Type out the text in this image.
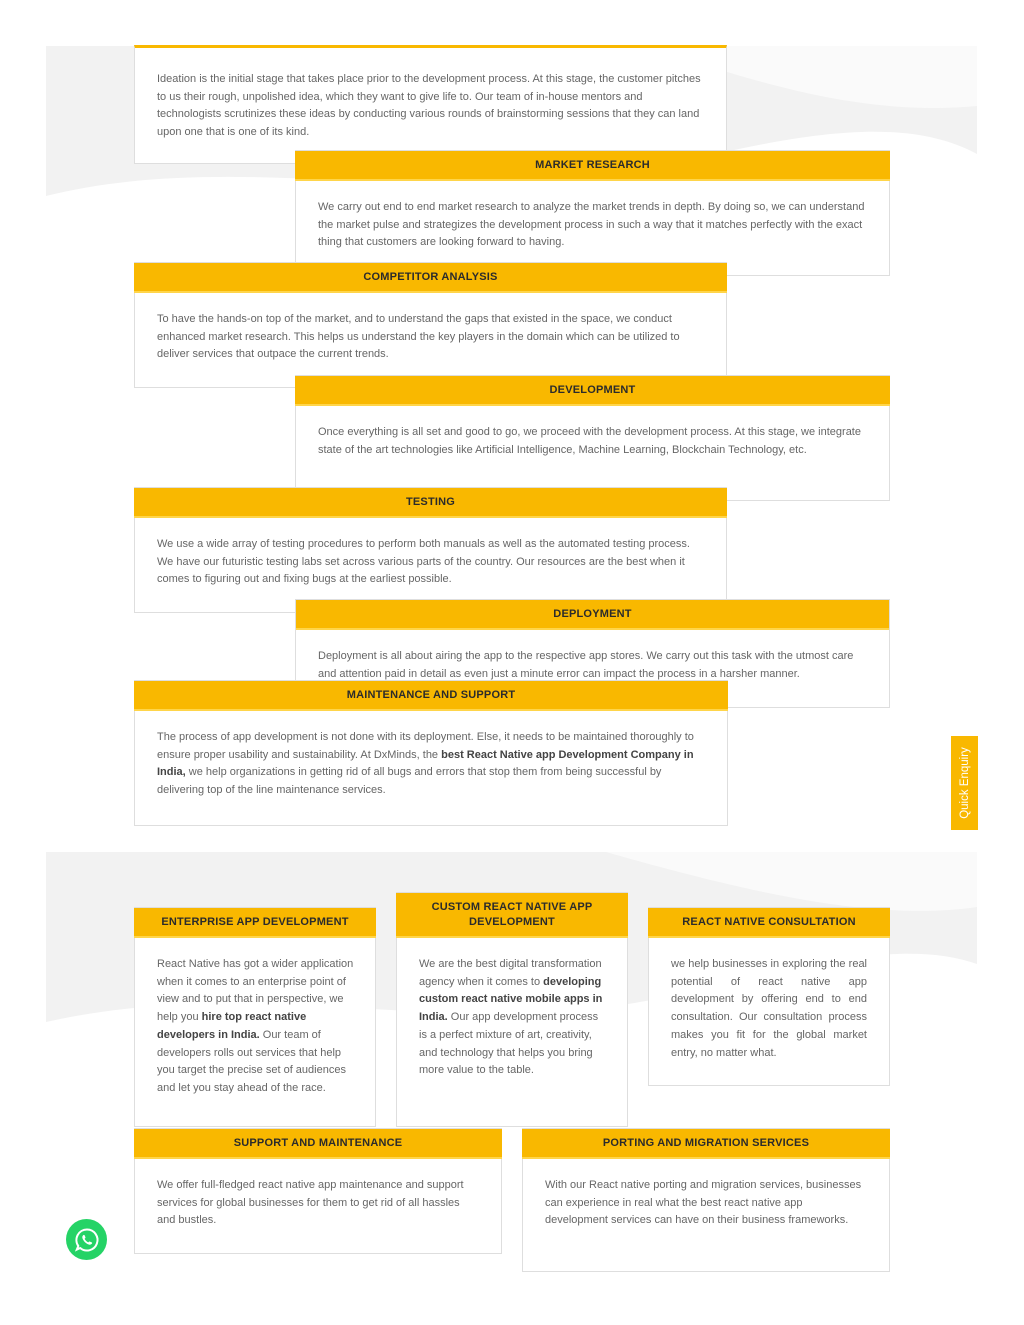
Ideation is the initial stage that takes place prior to the development process. At this stage, the customer pitches to us their rough, unpolished idea, which they want to give life to. Our team of in-house mentors and technologists scrutinizes these ideas by conducting various rounds of brainstorming sessions that they can land upon one that is one of its kind.

MARKET RESEARCH

We carry out end to end market research to analyze the market trends in depth. By doing so, we can understand the market pulse and strategizes the development process in such a way that it matches perfectly with the exact thing that customers are looking forward to having.

COMPETITOR ANALYSIS

To have the hands-on top of the market, and to understand the gaps that existed in the space, we conduct enhanced market research. This helps us understand the key players in the domain which can be utilized to deliver services that outpace the current trends.

DEVELOPMENT

Once everything is all set and good to go, we proceed with the development process. At this stage, we integrate state of the art technologies like Artificial Intelligence, Machine Learning, Blockchain Technology, etc.

TESTING

We use a wide array of testing procedures to perform both manuals as well as the automated testing process. We have our futuristic testing labs set across various parts of the country. Our resources are the best when it comes to figuring out and fixing bugs at the earliest possible.

DEPLOYMENT

Deployment is all about airing the app to the respective app stores. We carry out this task with the utmost care and attention paid in detail as even just a minute error can impact the process in a harsher manner.

MAINTENANCE AND SUPPORT

The process of app development is not done with its deployment. Else, it needs to be maintained thoroughly to ensure proper usability and sustainability. At DxMinds, the best React Native app Development Company in India, we help organizations in getting rid of all bugs and errors that stop them from being successful by delivering top of the line maintenance services.	Quick Enquiry
ENTERPRISE APP DEVELOPMENT

React Native has got a wider application when it comes to an enterprise point of view and to put that in perspective, we help you hire top react native developers in India. Our team of developers rolls out services that help you target the precise set of audiences and let you stay ahead of the race.

CUSTOM REACT NATIVE APP
DEVELOPMENT

We are the best digital transformation agency when it comes to developing custom react native mobile apps in India. Our app development process is a perfect mixture of art, creativity, and technology that helps you bring more value to the table.

REACT NATIVE CONSULTATION

we help businesses in exploring the real potential of react native app development by offering end to end consultation. Our consultation process makes you fit for the global market entry, no matter what.

SUPPORT AND MAINTENANCE

We offer full-fledged react native app maintenance and support services for global businesses for them to get rid of all hassles and bustles.

PORTING AND MIGRATION SERVICES

With our React native porting and migration services, businesses can experience in real what the best react native app development services can have on their business frameworks.
